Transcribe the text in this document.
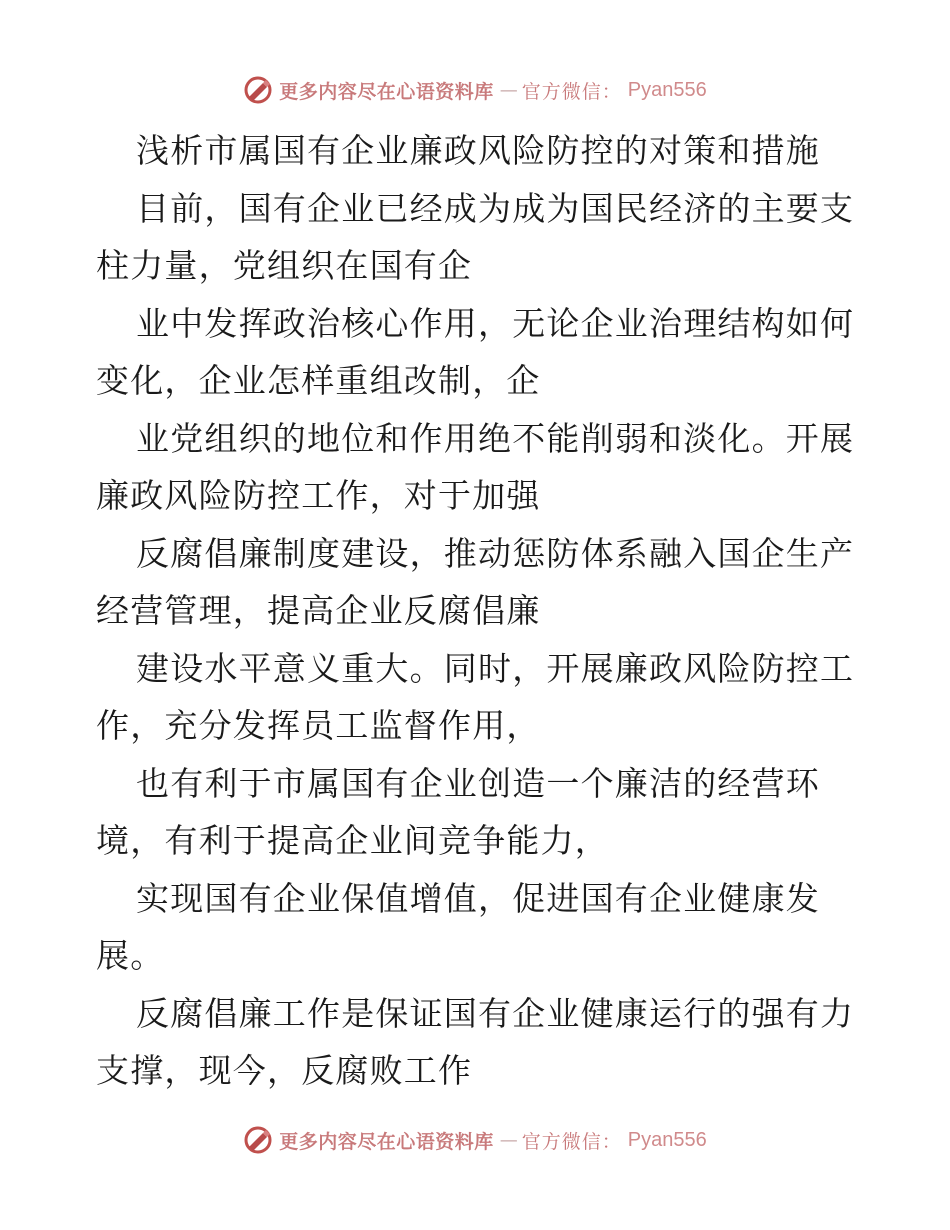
更多内容尽在心语资料库 — 官方微信： Pyan556
浅析市属国有企业廉政风险防控的对策和措施
目前，国有企业已经成为成为国民经济的主要支
柱力量，党组织在国有企
业中发挥政治核心作用，无论企业治理结构如何
变化，企业怎样重组改制，企
业党组织的地位和作用绝不能削弱和淡化。开展
廉政风险防控工作，对于加强
反腐倡廉制度建设，推动惩防体系融入国企生产
经营管理，提高企业反腐倡廉
建设水平意义重大。同时，开展廉政风险防控工
作，充分发挥员工监督作用，
也有利于市属国有企业创造一个廉洁的经营环
境，有利于提高企业间竞争能力，
实现国有企业保值增值，促进国有企业健康发
展。
反腐倡廉工作是保证国有企业健康运行的强有力
支撑，现今，反腐败工作
更多内容尽在心语资料库 — 官方微信： Pyan556
